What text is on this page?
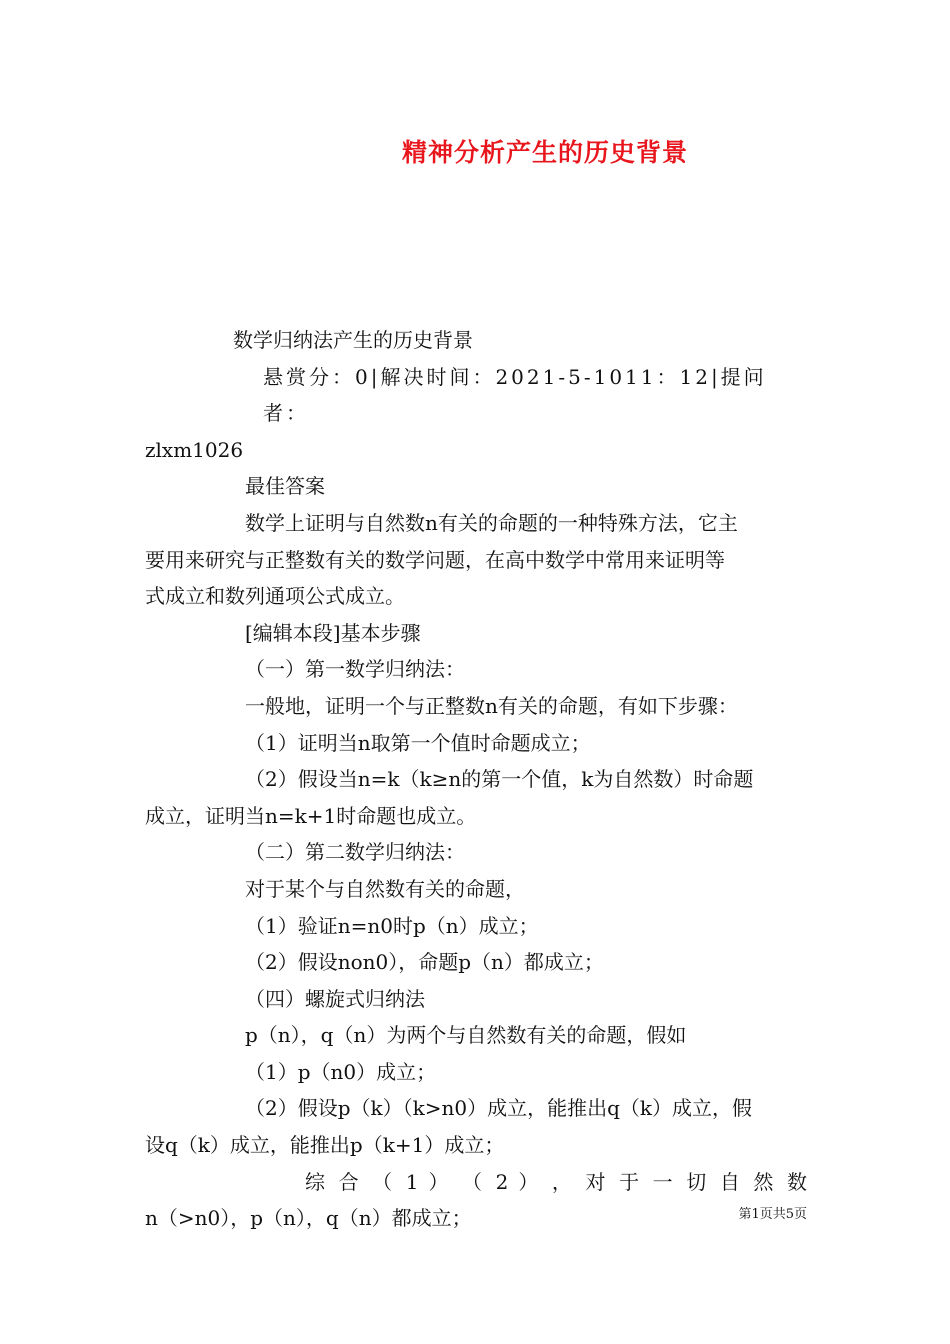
精神分析产生的历史背景

数学归纳法产生的历史背景

悬赏分：0|解决时间：2021-5-1011：12|提问者：

zlxm1026

最佳答案

数学上证明与自然数n有关的命题的一种特殊方法，它主

要用来研究与正整数有关的数学问题，在高中数学中常用来证明等

式成立和数列通项公式成立。

[编辑本段]基本步骤

（一）第一数学归纳法：

一般地，证明一个与正整数n有关的命题，有如下步骤：

（1）证明当n取第一个值时命题成立；

（2）假设当n=k（k≥n的第一个值，k为自然数）时命题

成立，证明当n=k+1时命题也成立。

（二）第二数学归纳法：

对于某个与自然数有关的命题，

（1）验证n=n0时p（n）成立；

（2）假设non0），命题p（n）都成立；

（四）螺旋式归纳法

p（n），q（n）为两个与自然数有关的命题，假如

（1）p（n0）成立；

（2）假设p（k）（k>n0）成立，能推出q（k）成立，假

设q（k）成立，能推出p（k+1）成立；

综 合 （ 1 ） （ 2 ） ， 对 于 一 切 自 然 数

n（>n0），p（n），q（n）都成立；	第1页共5页
